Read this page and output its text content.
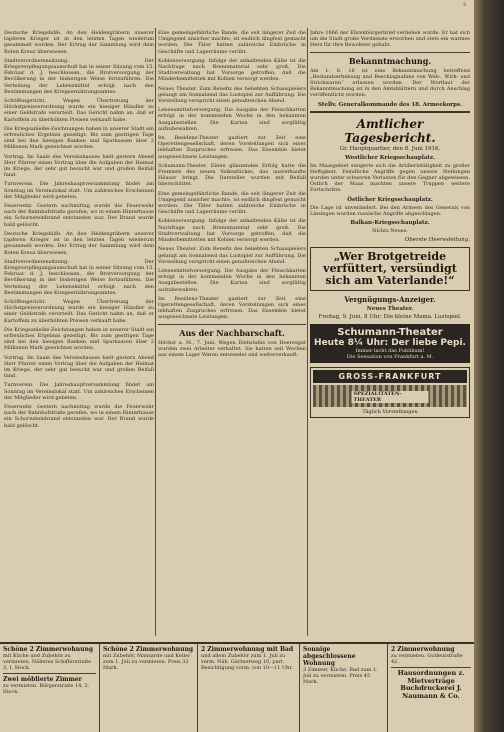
3

Deutsche Kriegshilfe. An den Heldengräbern unserer tapferen Krieger ist in den letzten Tagen wiederum gesammelt worden. Der Ertrag der Sammlung wird dem Roten Kreuz überwiesen.

Stadtverordnetensitzung. Der Kriegsverpflegungsausschuß hat in seiner Sitzung vom 15. Februar d. J. beschlossen, die Brotversorgung der Bevölkerung in der bisherigen Weise fortzuführen. Die Verteilung der Lebensmittel erfolgt nach den Bestimmungen des Kriegsernährungsamtes.

Schöffengericht. Wegen Übertretung der Höchstpreisverordnung wurde ein hiesiger Händler zu einer Geldstrafe verurteilt. Das Gericht nahm an, daß er Kartoffeln zu überhöhten Preisen verkauft habe.

Die Kriegsanleihe-Zeichnungen haben in unserer Stadt ein erfreuliches Ergebnis gezeitigt. Bis zum gestrigen Tage sind bei den hiesigen Banken und Sparkassen über 2 Millionen Mark gezeichnet worden.

Vortrag. Im Saale des Vereinshauses hielt gestern Abend Herr Pfarrer einen Vortrag über die Aufgaben der Heimat im Kriege, der sehr gut besucht war und großen Beifall fand.

Turnverein. Die Jahreshauptversammlung findet am Sonntag im Vereinslokal statt. Um zahlreiches Erscheinen der Mitglieder wird gebeten.

Feuerwehr. Gestern nachmittag wurde die Feuerwehr nach der Bahnhofstraße gerufen, wo in einem Hinterhause ein Schornsteinbrand entstanden war. Der Brand wurde bald gelöscht.

Deutsche Kriegshilfe. An den Heldengräbern unserer tapferen Krieger ist in den letzten Tagen wiederum gesammelt worden. Der Ertrag der Sammlung wird dem Roten Kreuz überwiesen.

Stadtverordnetensitzung. Der Kriegsverpflegungsausschuß hat in seiner Sitzung vom 15. Februar d. J. beschlossen, die Brotversorgung der Bevölkerung in der bisherigen Weise fortzuführen. Die Verteilung der Lebensmittel erfolgt nach den Bestimmungen des Kriegsernährungsamtes.

Schöffengericht. Wegen Übertretung der Höchstpreisverordnung wurde ein hiesiger Händler zu einer Geldstrafe verurteilt. Das Gericht nahm an, daß er Kartoffeln zu überhöhten Preisen verkauft habe.

Die Kriegsanleihe-Zeichnungen haben in unserer Stadt ein erfreuliches Ergebnis gezeitigt. Bis zum gestrigen Tage sind bei den hiesigen Banken und Sparkassen über 2 Millionen Mark gezeichnet worden.

Vortrag. Im Saale des Vereinshauses hielt gestern Abend Herr Pfarrer einen Vortrag über die Aufgaben der Heimat im Kriege, der sehr gut besucht war und großen Beifall fand.

Turnverein. Die Jahreshauptversammlung findet am Sonntag im Vereinslokal statt. Um zahlreiches Erscheinen der Mitglieder wird gebeten.

Feuerwehr. Gestern nachmittag wurde die Feuerwehr nach der Bahnhofstraße gerufen, wo in einem Hinterhause ein Schornsteinbrand entstanden war. Der Brand wurde bald gelöscht.

Eine gemeingefährliche Bande, die seit längerer Zeit die Umgegend unsicher machte, ist endlich dingfest gemacht worden. Die Täter hatten zahlreiche Einbrüche in Geschäfte und Lagerräume verübt.

Kohlenversorgung. Infolge der anhaltenden Kälte ist die Nachfrage nach Brennmaterial sehr groß. Die Stadtverwaltung hat Vorsorge getroffen, daß die Minderbemittelten mit Kohlen versorgt werden.

Neues Theater. Zum Benefiz des beliebten Schauspielers gelangt am Sonnabend das Lustspiel zur Aufführung. Die Vorstellung verspricht einen genußreichen Abend.

Lebensmittelversorgung. Die Ausgabe der Fleischkarten erfolgt in der kommenden Woche in den bekannten Ausgabestellen. Die Karten sind sorgfältig aufzubewahren.

Im Residenz-Theater gastiert zur Zeit eine Operettengesellschaft, deren Vorstellungen sich eines lebhaften Zuspruches erfreuen. Das Ensemble bietet ausgezeichnete Leistungen.

Schumann-Theater. Einen glänzenden Erfolg hatte die Premiere des neuen Volksstückes, das ausverkaufte Häuser bringt. Die Darsteller wurden mit Beifall überschüttet.

Eine gemeingefährliche Bande, die seit längerer Zeit die Umgegend unsicher machte, ist endlich dingfest gemacht worden. Die Täter hatten zahlreiche Einbrüche in Geschäfte und Lagerräume verübt.

Kohlenversorgung. Infolge der anhaltenden Kälte ist die Nachfrage nach Brennmaterial sehr groß. Die Stadtverwaltung hat Vorsorge getroffen, daß die Minderbemittelten mit Kohlen versorgt werden.

Neues Theater. Zum Benefiz des beliebten Schauspielers gelangt am Sonnabend das Lustspiel zur Aufführung. Die Vorstellung verspricht einen genußreichen Abend.

Lebensmittelversorgung. Die Ausgabe der Fleischkarten erfolgt in der kommenden Woche in den bekannten Ausgabestellen. Die Karten sind sorgfältig aufzubewahren.

Im Residenz-Theater gastiert zur Zeit eine Operettengesellschaft, deren Vorstellungen sich eines lebhaften Zuspruches erfreuen. Das Ensemble bietet ausgezeichnete Leistungen.

Aus der Nachbarschaft.

Höchst a. M., 7. Juni. Wegen Diebstahls von Heeresgut wurden zwei Arbeiter verhaftet. Sie hatten seit Wochen aus einem Lager Waren entwendet und weiterverkauft.

Jahre 1866 der Ehrenbürgerbrief verliehen wurde. Er hat sich um die Stadt große Verdienste erworben und stets ein warmes Herz für ihre Bewohner gehabt.

Bekanntmachung.

Am 1. 6. 16 ist eine Bekanntmachung betreffend „Bestandserhebung und Beschlagnahme von Web-, Wirk- und Strickwaren“ erlassen worden. Der Wortlaut der Bekanntmachung ist in den Amtsblättern und durch Anschlag veröffentlicht worden.

Stellv. Generalkommando des 18. Armeekorps.
Amtlicher Tagesbericht.
Gr. Hauptquartier, den 8. Juni 1916.
Westlicher Kriegsschauplatz.

Im Maasgebiet steigerte sich die Artillerietätigkeit zu großer Heftigkeit. Feindliche Angriffe gegen unsere Stellungen wurden unter schweren Verlusten für den Gegner abgewiesen. Östlich der Maas machten unsere Truppen weitere Fortschritte.

Östlicher Kriegsschauplatz.

Die Lage ist unverändert. Bei den Armeen des Generals von Linsingen wurden russische Angriffe abgeschlagen.

Balkan-Kriegsschauplatz.

Nichts Neues.

Oberste Heeresleitung.
„Wer Brotgetreide verfüttert, versündigt sich am Vaterlande!“
Vergnügungs-Anzeiger.
Neues Theater.
Freitag, 9. Juni, 8 Uhr: Die kleine Mama. Lustspiel.
Schumann-Theater
Heute 8¼ Uhr: Der liebe Pepi.
Immer lacht das Publikum!
Die Sensation von Frankfurt a. M.
GROSS-FRANKFURT
SPEZIALITÄTEN-THEATER
Täglich Vorstellungen
Schöne 2 Zimmerwohnung
mit Küche und Zubehör zu vermieten. Näheres Schifferstraße 3, I. Stock.
Zwei möblierte Zimmer
zu vermieten. Bürgerstraße 14, 2. Stock.
Schöne 2 Zimmerwohnung
mit Zubehör, Mansarde und Keller zum 1. Juli zu vermieten. Preis 32 Mark.
2 Zimmerwohnung mit Bad
und allem Zubehör zum 1. Juli zu verm. Näh. Gärtnerweg 10, part. Besichtigung vorm. von 10—11 Uhr.
Sonnige abgeschlossene Wohnung
3 Zimmer, Küche, Bad zum 1. Juli zu vermieten. Preis 45 Mark.
2 Zimmerwohnung
zu vermieten. Gutleutstraße 42.
Hausordnungen z. Mietverträge
Buchdruckerei J. Naumann & Co.
